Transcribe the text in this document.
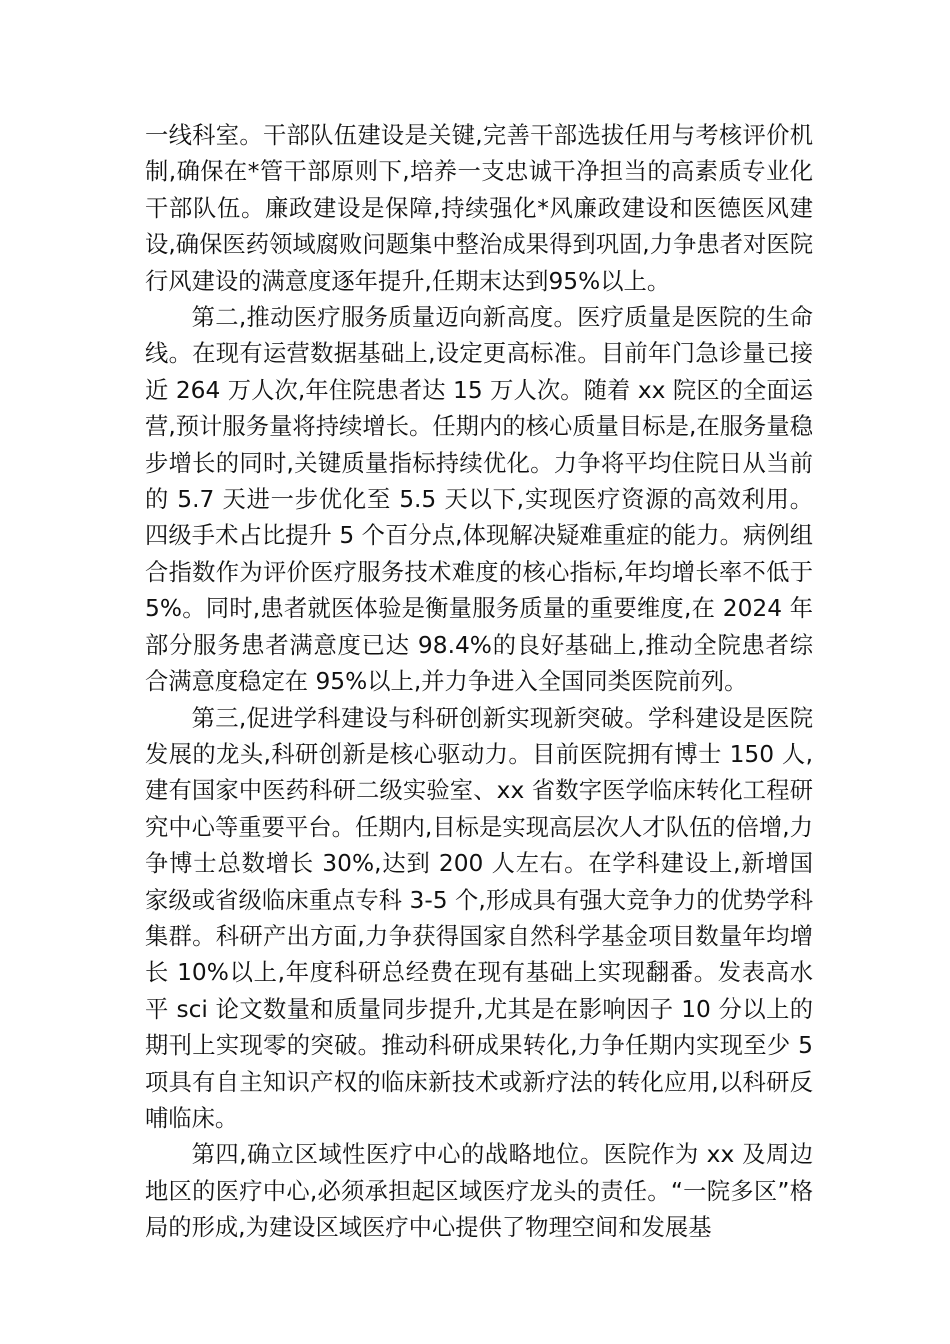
一线科室。干部队伍建设是关键,完善干部选拔任用与考核评价机制,确保在*管干部原则下,培养一支忠诚干净担当的高素质专业化干部队伍。廉政建设是保障,持续强化*风廉政建设和医德医风建设,确保医药领域腐败问题集中整治成果得到巩固,力争患者对医院行风建设的满意度逐年提升,任期末达到95%以上。

第二,推动医疗服务质量迈向新高度。医疗质量是医院的生命线。在现有运营数据基础上,设定更高标准。目前年门急诊量已接近 264 万人次,年住院患者达 15 万人次。随着 xx 院区的全面运营,预计服务量将持续增长。任期内的核心质量目标是,在服务量稳步增长的同时,关键质量指标持续优化。力争将平均住院日从当前的 5.7 天进一步优化至 5.5 天以下,实现医疗资源的高效利用。四级手术占比提升 5 个百分点,体现解决疑难重症的能力。病例组合指数作为评价医疗服务技术难度的核心指标,年均增长率不低于 5%。同时,患者就医体验是衡量服务质量的重要维度,在 2024 年部分服务患者满意度已达 98.4%的良好基础上,推动全院患者综合满意度稳定在 95%以上,并力争进入全国同类医院前列。

第三,促进学科建设与科研创新实现新突破。学科建设是医院发展的龙头,科研创新是核心驱动力。目前医院拥有博士 150 人,建有国家中医药科研二级实验室、xx 省数字医学临床转化工程研究中心等重要平台。任期内,目标是实现高层次人才队伍的倍增,力争博士总数增长 30%,达到 200 人左右。在学科建设上,新增国家级或省级临床重点专科 3-5 个,形成具有强大竞争力的优势学科集群。科研产出方面,力争获得国家自然科学基金项目数量年均增长 10%以上,年度科研总经费在现有基础上实现翻番。发表高水平 sci 论文数量和质量同步提升,尤其是在影响因子 10 分以上的期刊上实现零的突破。推动科研成果转化,力争任期内实现至少 5 项具有自主知识产权的临床新技术或新疗法的转化应用,以科研反哺临床。

第四,确立区域性医疗中心的战略地位。医院作为 xx 及周边地区的医疗中心,必须承担起区域医疗龙头的责任。“一院多区”格局的形成,为建设区域医疗中心提供了物理空间和发展基
